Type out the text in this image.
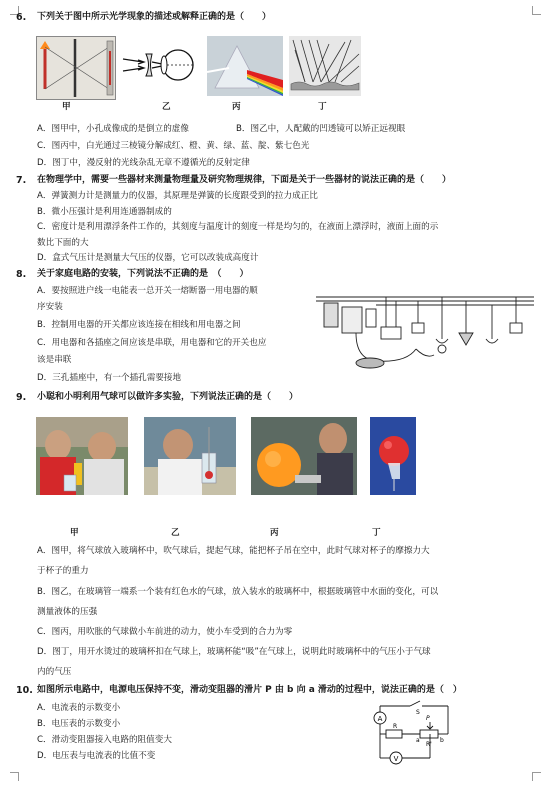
6. 下列关于图中所示光学现象的描述或解释正确的是（　　）
甲	乙	丙	丁
A．图甲中，小孔成像成的是倒立的虚像	B．图乙中，人配戴的凹透镜可以矫正远视眼
C．图丙中，白光通过三棱镜分解成红、橙、黄、绿、蓝、靛、紫七色光
D．图丁中，漫反射的光线杂乱无章不遵循光的反射定律
7. 在物理学中，需要一些器材来测量物理量及研究物理规律，下面是关于一些器材的说法正确的是（　　）
A．弹簧测力计是测量力的仪器，其原理是弹簧的长度跟受到的拉力成正比
B．微小压强计是利用连通器制成的
C．密度计是利用漂浮条件工作的，其刻度与温度计的刻度一样是均匀的，在液面上漂浮时，液面上面的示
数比下面的大
D．盒式气压计是测量大气压的仪器，它可以改装成高度计
8. 关于家庭电路的安装，下列说法不正确的是　（　　）
A．要按照进户线一电能表一总开关一熔断器一用电器的顺
序安装
B．控制用电器的开关都应该连接在相线和用电器之间
C．用电器和各插座之间应该是串联，用电器和它的开关也应
该是串联
D．三孔插座中，有一个插孔需要接地
9. 小聪和小明利用气球可以做许多实验，下列说法正确的是（　　）
甲	乙	丙	丁
A．图甲，将气球放入玻璃杯中，吹气球后，提起气球，能把杯子吊在空中，此时气球对杯子的摩擦力大
于杯子的重力
B．图乙，在玻璃管一端系一个装有红色水的气球，放入装水的玻璃杯中，根据玻璃管中水面的变化，可以
测量液体的压强
C．图丙，用吹胀的气球做小车前进的动力，使小车受到的合力为零
D．图丁，用开水烫过的玻璃杯扣在气球上，玻璃杯能“吸”在气球上，说明此时玻璃杯中的气压小于气球
内的气压
10. 如图所示电路中，电源电压保持不变，滑动变阻器的滑片 P 由 b 向 a 滑动的过程中，说法正确的是（　）
A．电流表的示数变小
B．电压表的示数变小
C．滑动变阻器接入电路的阻值变大
D．电压表与电流表的比值不变
A
V
S
R
R'
P
a	b
